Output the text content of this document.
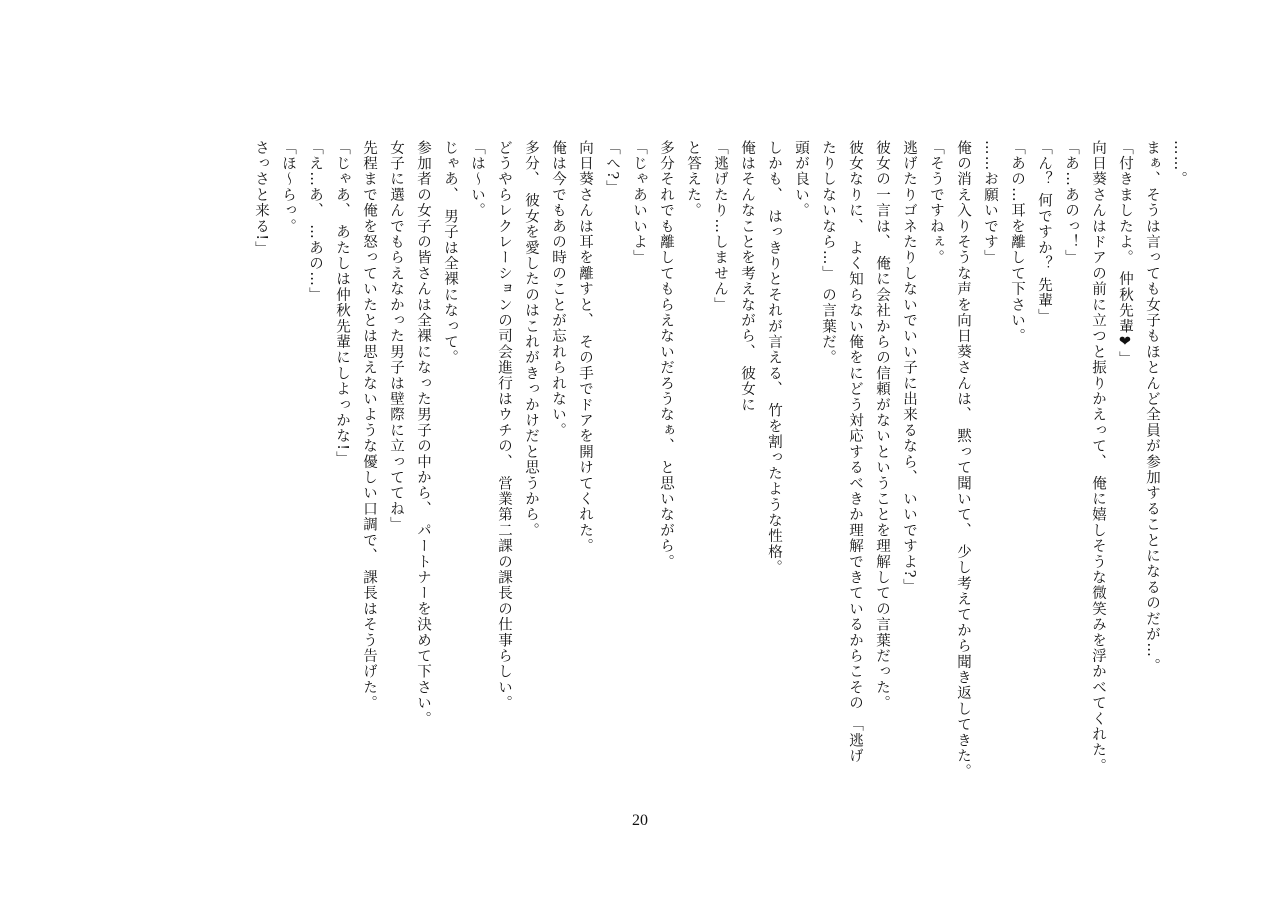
……。
まぁ、そうは言っても女子もほとんど全員が参加することになるのだが…。
「付きましたよ。 仲秋先輩❤」
向日葵さんはドアの前に立つと振りかえって、 俺に嬉しそうな微笑みを浮かべてくれた。
「あ…あのっ！」
「ん？ 何ですか？ 先輩」
「あの…耳を離して下さい。
……お願いです」
俺の消え入りそうな声を向日葵さんは、 黙って聞いて、 少し考えてから聞き返してきた。
「そうですねぇ。
逃げたりゴネたりしないでいい子に出来るなら、 いいですよ?」
彼女の一言は、 俺に会社からの信頼がないということを理解しての言葉だった。
彼女なりに、 よく知らない俺をにどう対応するべきか理解できているからこその 「逃げ
たりしないなら…」 の言葉だ。
頭が良い。
しかも、 はっきりとそれが言える、 竹を割ったような性格。
俺はそんなことを考えながら、 彼女に
「逃げたり…しません」
と答えた。
多分それでも離してもらえないだろうなぁ、 と思いながら。
「じゃあいいよ」
「へ?」
向日葵さんは耳を離すと、 その手でドアを開けてくれた。
俺は今でもあの時のことが忘れられない。
多分、 彼女を愛したのはこれがきっかけだと思うから。
どうやらレクレーションの司会進行はウチの、 営業第二課の課長の仕事らしい。
「は〜い。
じゃあ、 男子は全裸になって。
参加者の女子の皆さんは全裸になった男子の中から、 パートナーを決めて下さい。
女子に選んでもらえなかった男子は壁際に立っててね」
先程まで俺を怒っていたとは思えないような優しい口調で、 課長はそう告げた。
「じゃあ、 あたしは仲秋先輩にしよっかな!」
「え…あ、 …あの…」
「ほ〜らっ。
さっさと来る!」
20
